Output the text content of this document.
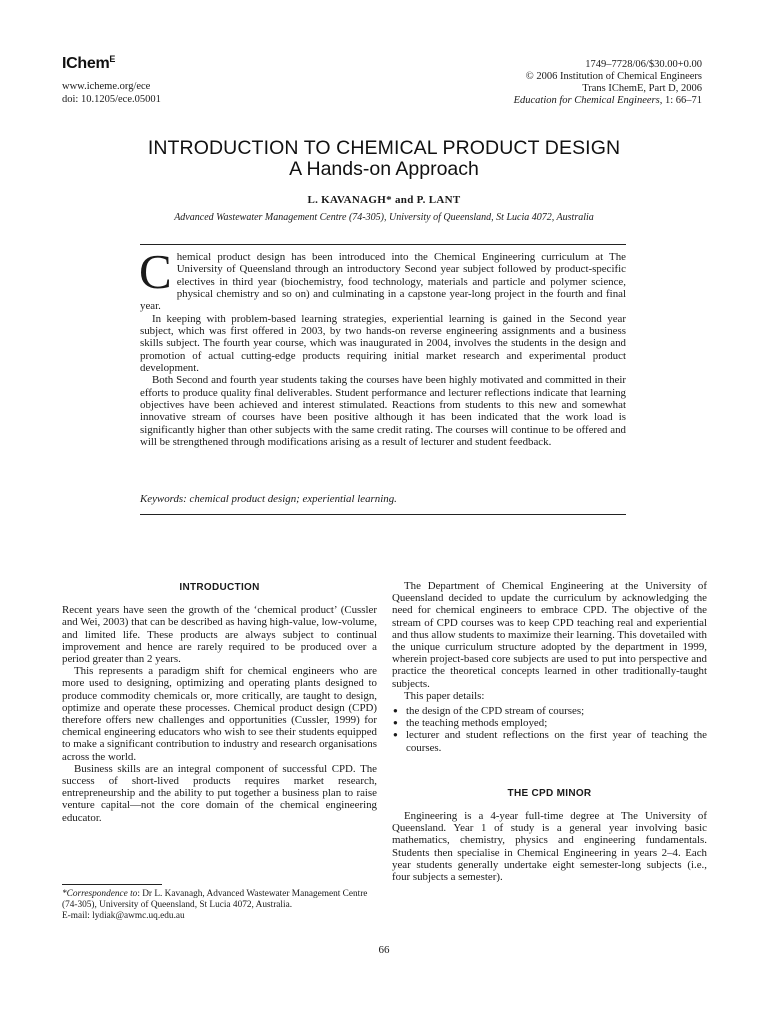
IChem$^E$
www.icheme.org/ece
doi: 10.1205/ece.05001
1749–7728/06/$30.00+0.00
© 2006 Institution of Chemical Engineers
Trans IChemE, Part D, 2006
Education for Chemical Engineers, 1: 66–71
INTRODUCTION TO CHEMICAL PRODUCT DESIGN
A Hands-on Approach
L. KAVANAGH* and P. LANT
Advanced Wastewater Management Centre (74-305), University of Queensland, St Lucia 4072, Australia

Chemical product design has been introduced into the Chemical Engineering curriculum at The University of Queensland through an introductory Second year subject followed by product-specific electives in third year (biochemistry, food technology, materials and particle and polymer science, physical chemistry and so on) and culminating in a capstone year-long project in the fourth and final year.

In keeping with problem-based learning strategies, experiential learning is gained in the Second year subject, which was first offered in 2003, by two hands-on reverse engineering assignments and a business skills subject. The fourth year course, which was inaugurated in 2004, involves the students in the design and promotion of actual cutting-edge products requiring initial market research and experimental product development.

Both Second and fourth year students taking the courses have been highly motivated and committed in their efforts to produce quality final deliverables. Student performance and lecturer reflections indicate that learning objectives have been achieved and interest stimulated. Reactions from students to this new and somewhat innovative stream of courses have been positive although it has been indicated that the work load is significantly higher than other subjects with the same credit rating. The courses will continue to be offered and will be strengthened through modifications arising as a result of lecturer and student feedback.

Keywords: chemical product design; experiential learning.
INTRODUCTION

Recent years have seen the growth of the ‘chemical product’ (Cussler and Wei, 2003) that can be described as having high-value, low-volume, and limited life. These products are always subject to continual improvement and hence are rarely required to be produced over a period greater than 2 years.

This represents a paradigm shift for chemical engineers who are more used to designing, optimizing and operating plants designed to produce commodity chemicals or, more critically, are taught to design, optimize and operate these processes. Chemical product design (CPD) therefore offers new challenges and opportunities (Cussler, 1999) for chemical engineering educators who wish to see their students equipped to make a significant contribution to industry and research organisations across the world.

Business skills are an integral component of successful CPD. The success of short-lived products requires market research, entrepreneurship and the ability to put together a business plan to raise venture capital—not the core domain of the chemical engineering educator.

The Department of Chemical Engineering at the University of Queensland decided to update the curriculum by acknowledging the need for chemical engineers to embrace CPD. The objective of the stream of CPD courses was to keep CPD teaching real and experiential and thus allow students to maximize their learning. This dovetailed with the unique curriculum structure adopted by the department in 1999, wherein project-based core subjects are used to put into perspective and practice the theoretical concepts learned in other traditionally-taught subjects.

This paper details:

● the design of the CPD stream of courses;
● the teaching methods employed;
● lecturer and student reflections on the first year of teaching the courses.
THE CPD MINOR

Engineering is a 4-year full-time degree at The University of Queensland. Year 1 of study is a general year involving basic mathematics, chemistry, physics and engineering fundamentals. Students then specialise in Chemical Engineering in years 2–4. Each year students generally undertake eight semester-long subjects (i.e., four subjects a semester).

*Correspondence to: Dr L. Kavanagh, Advanced Wastewater Management Centre (74-305), University of Queensland, St Lucia 4072, Australia.

E-mail: lydiak@awmc.uq.edu.au

66
